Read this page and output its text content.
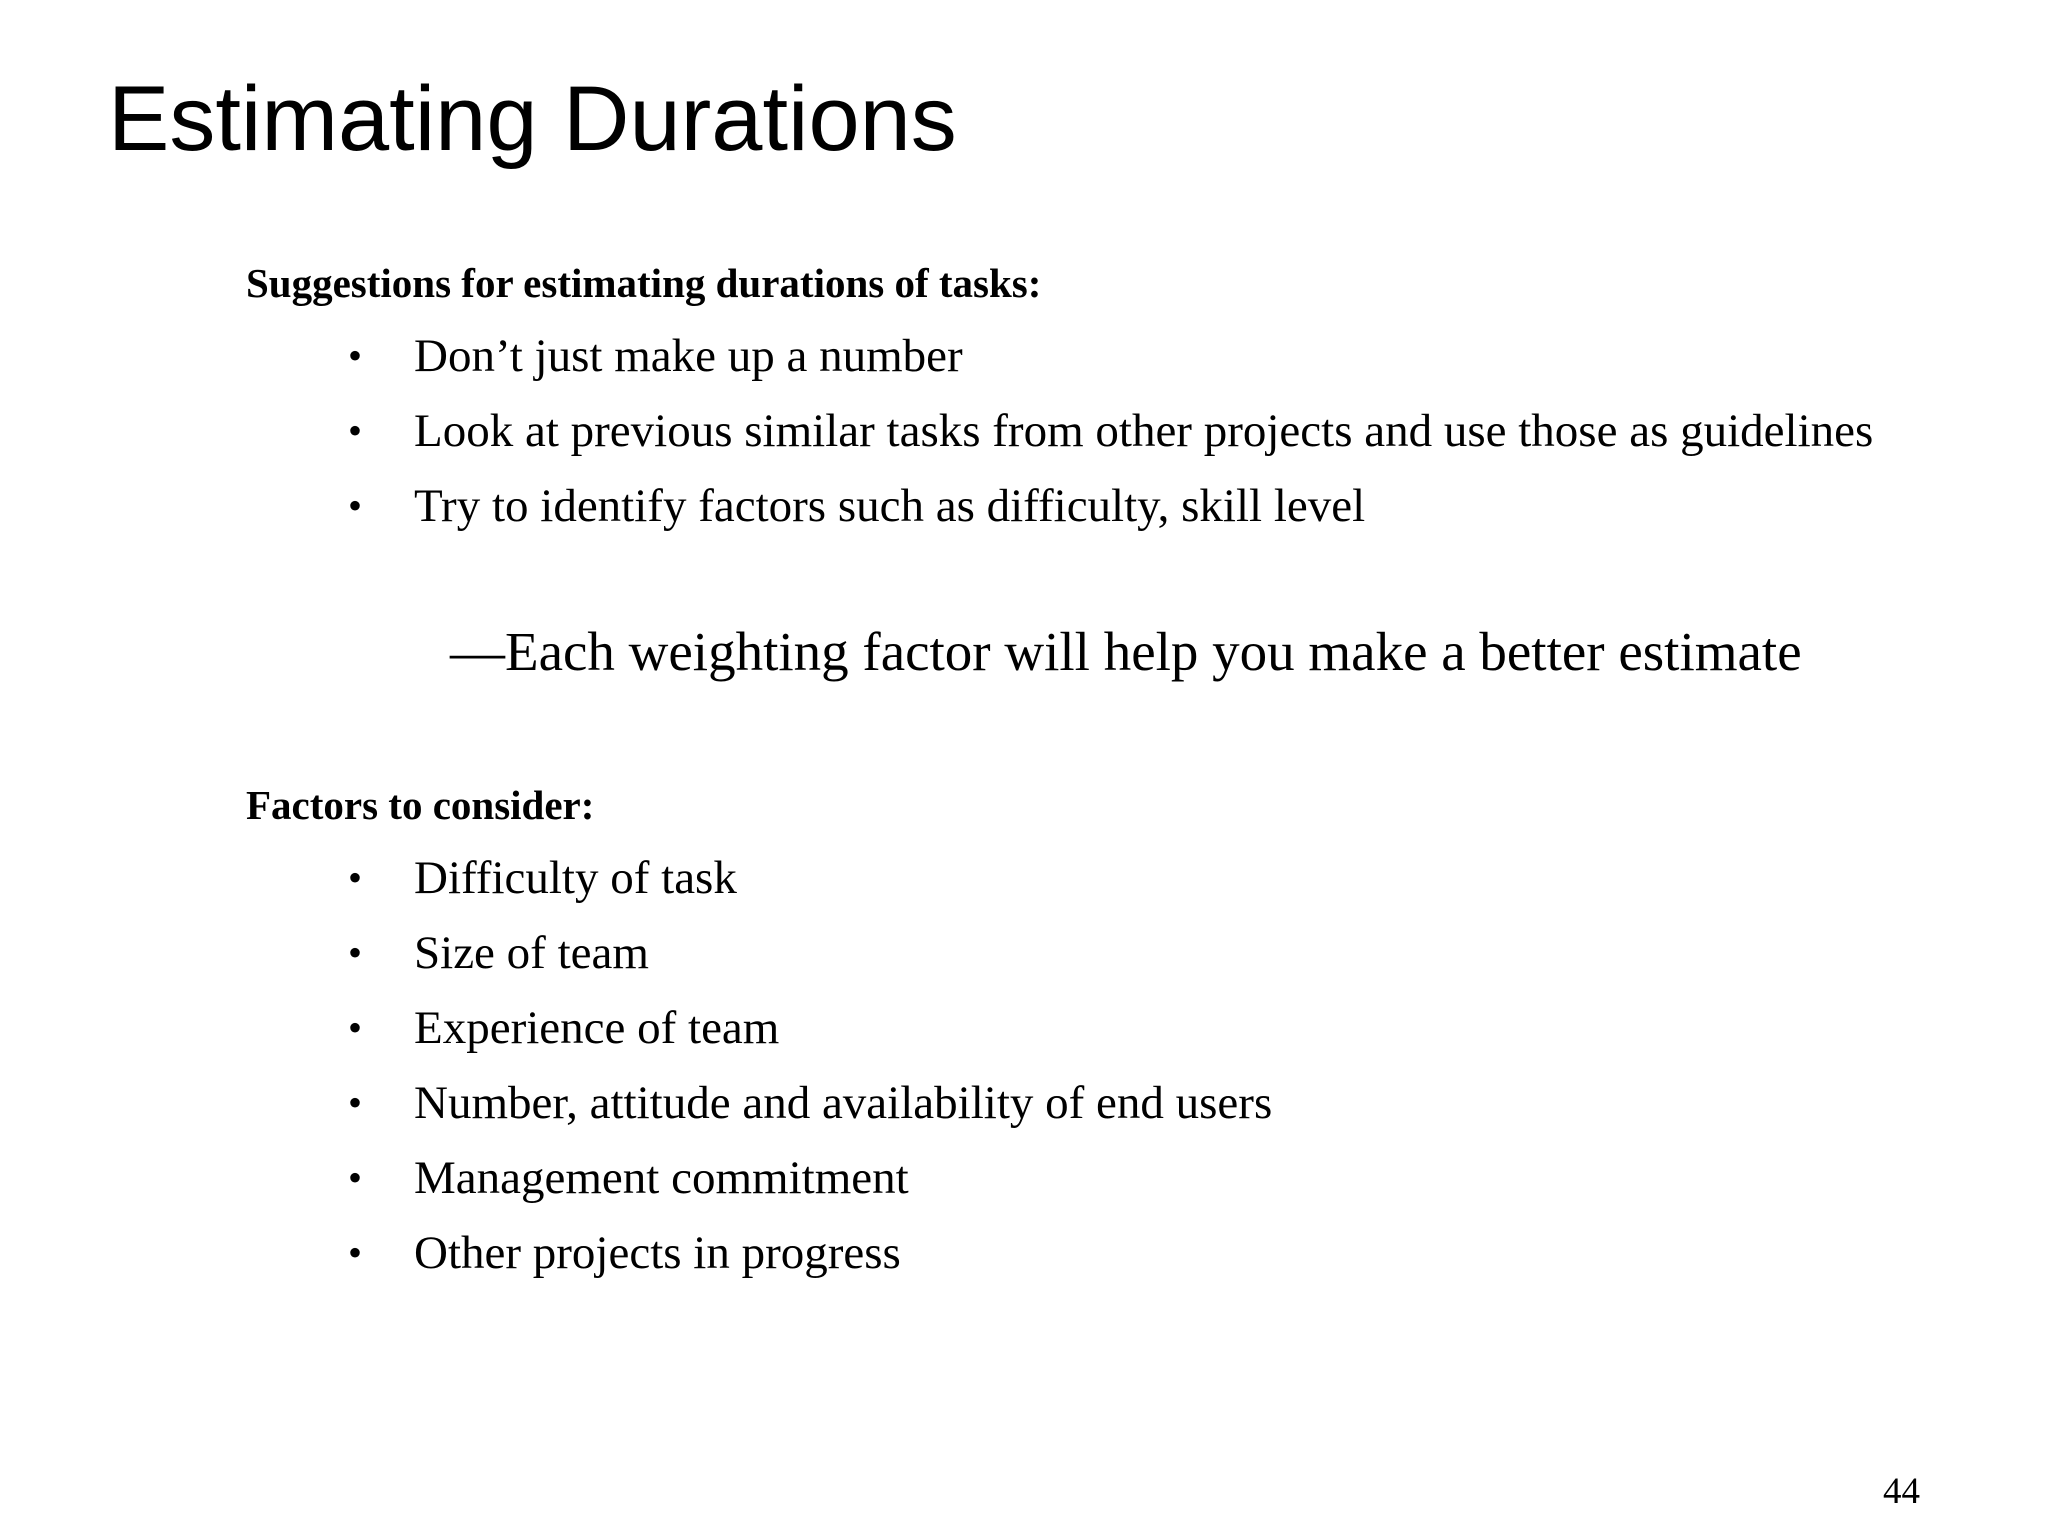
Estimating Durations
Suggestions for estimating durations of tasks:
• Don’t just make up a number
• Look at previous similar tasks from other projects and use those as guidelines
• Try to identify factors such as difficulty, skill level

—Each weighting factor will help you make a better estimate

Factors to consider:
• Difficulty of task
• Size of team
• Experience of team
• Number, attitude and availability of end users
• Management commitment
• Other projects in progress
44
